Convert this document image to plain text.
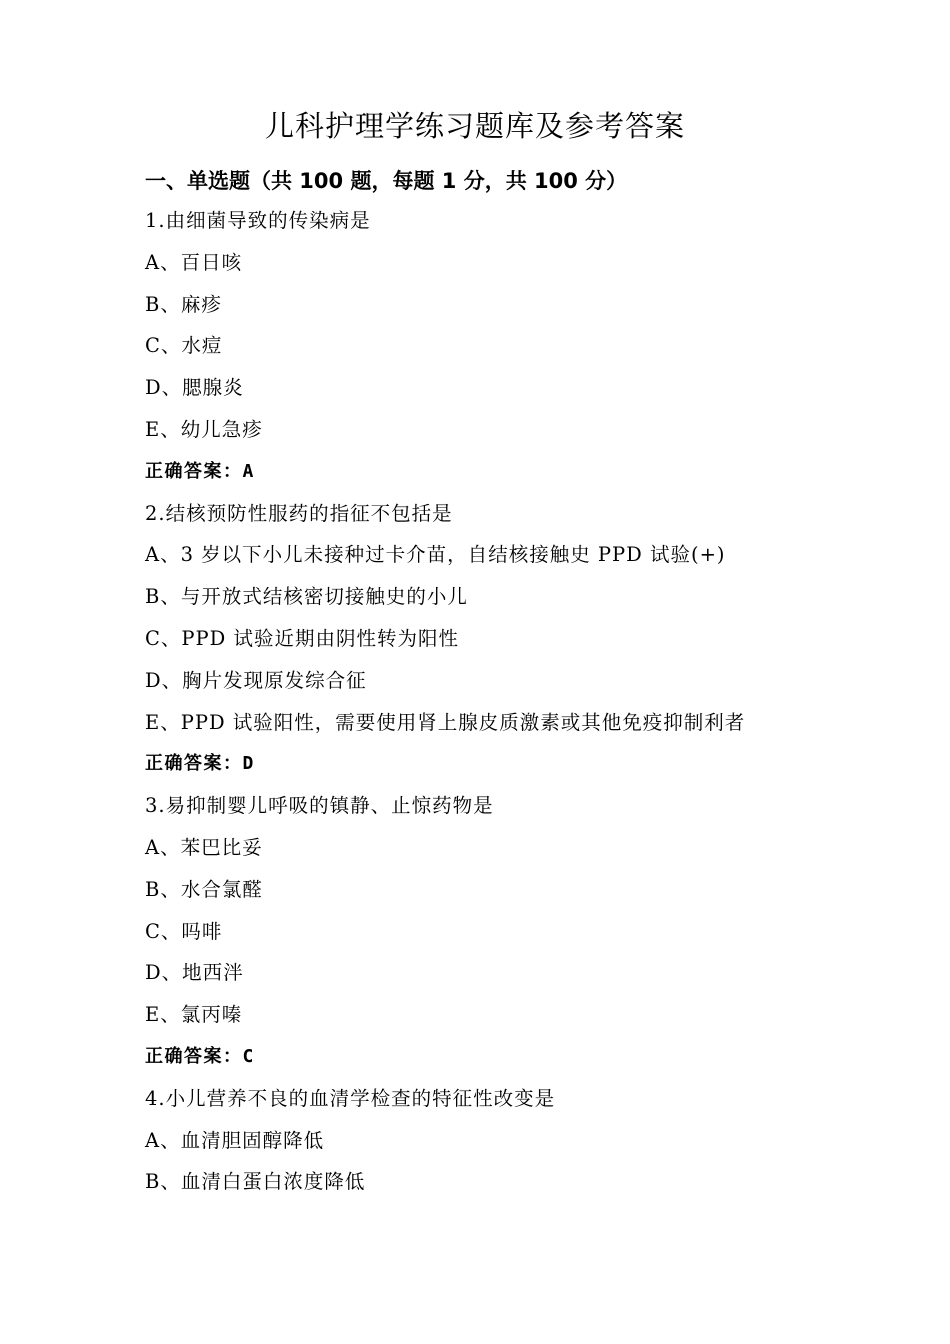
儿科护理学练习题库及参考答案
一、单选题（共 100 题，每题 1 分，共 100 分）
1.由细菌导致的传染病是
A、百日咳
B、麻疹
C、水痘
D、腮腺炎
E、幼儿急疹
正确答案：A
2.结核预防性服药的指征不包括是
A、3 岁以下小儿未接种过卡介苗，自结核接触史 PPD 试验(+)
B、与开放式结核密切接触史的小儿
C、PPD 试验近期由阴性转为阳性
D、胸片发现原发综合征
E、PPD 试验阳性，需要使用肾上腺皮质激素或其他免疫抑制利者
正确答案：D
3.易抑制婴儿呼吸的镇静、止惊药物是
A、苯巴比妥
B、水合氯醛
C、吗啡
D、地西泮
E、氯丙嗪
正确答案：C
4.小儿营养不良的血清学检查的特征性改变是
A、血清胆固醇降低
B、血清白蛋白浓度降低
